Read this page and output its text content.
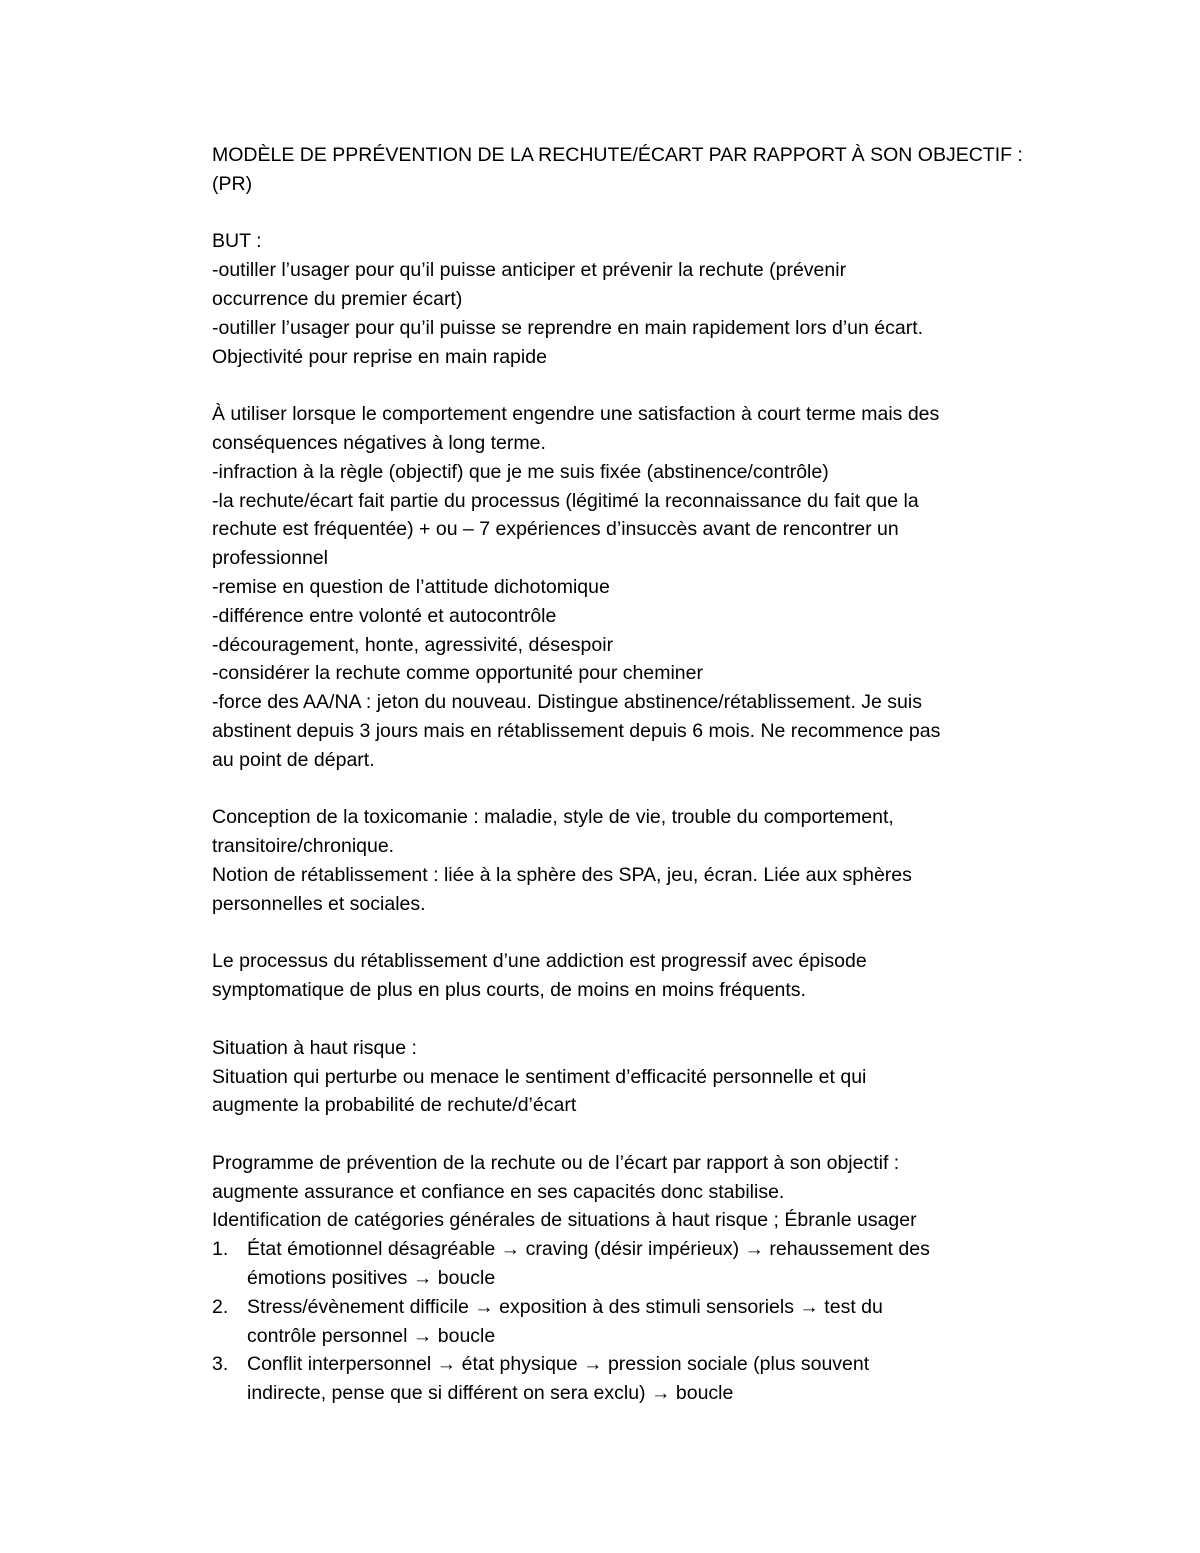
MODÈLE DE PPRÉVENTION DE LA RECHUTE/ÉCART PAR RAPPORT À SON OBJECTIF :

(PR)

BUT :

-outiller l’usager pour qu’il puisse anticiper et prévenir la rechute (prévenir

occurrence du premier écart)

-outiller l’usager pour qu’il puisse se reprendre en main rapidement lors d’un écart.

Objectivité pour reprise en main rapide

À utiliser lorsque le comportement engendre une satisfaction à court terme mais des

conséquences négatives à long terme.

-infraction à la règle (objectif) que je me suis fixée (abstinence/contrôle)

-la rechute/écart fait partie du processus (légitimé la reconnaissance du fait que la

rechute est fréquentée) + ou – 7 expériences d’insuccès avant de rencontrer un

professionnel

-remise en question de l’attitude dichotomique

-différence entre volonté et autocontrôle

-découragement, honte, agressivité, désespoir

-considérer la rechute comme opportunité pour cheminer

-force des AA/NA : jeton du nouveau. Distingue abstinence/rétablissement. Je suis

abstinent depuis 3 jours mais en rétablissement depuis 6 mois. Ne recommence pas

au point de départ.

Conception de la toxicomanie : maladie, style de vie, trouble du comportement,

transitoire/chronique.

Notion de rétablissement : liée à la sphère des SPA, jeu, écran. Liée aux sphères

personnelles et sociales.

Le processus du rétablissement d’une addiction est progressif avec épisode

symptomatique de plus en plus courts, de moins en moins fréquents.

Situation à haut risque :

Situation qui perturbe ou menace le sentiment d’efficacité personnelle et qui

augmente la probabilité de rechute/d’écart

Programme de prévention de la rechute ou de l’écart par rapport à son objectif :

augmente assurance et confiance en ses capacités donc stabilise.

Identification de catégories générales de situations à haut risque ; Ébranle usager

1. État émotionnel désagréable → craving (désir impérieux) → rehaussement des

émotions positives → boucle

2. Stress/évènement difficile → exposition à des stimuli sensoriels → test du

contrôle personnel → boucle

3. Conflit interpersonnel → état physique → pression sociale (plus souvent

indirecte, pense que si différent on sera exclu) → boucle
